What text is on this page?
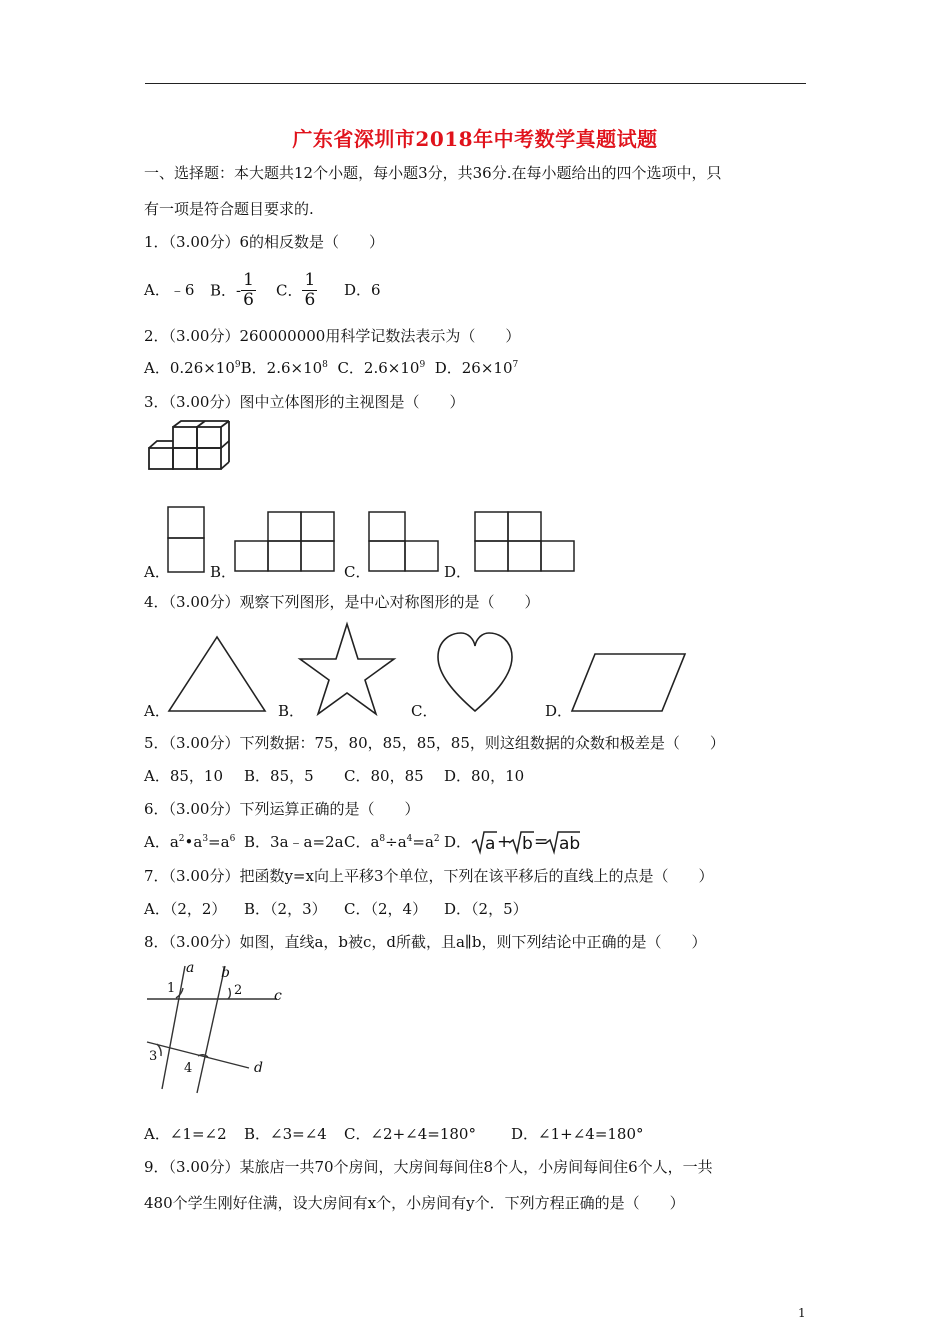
广东省深圳市2018年中考数学真题试题
一、选择题：本大题共12个小题，每小题3分，共36分.在每小题给出的四个选项中，只
有一项是符合题目要求的.
1．（3.00分）6的相反数是（　　）
A．﹣6 B．- $\frac{1}{6}$ C． $\frac{1}{6}$ D．6
2．（3.00分）260000000用科学记数法表示为（　　）
A．$0.26\times 10^9B$．$2.6\times 10^8$ C．$2.6\times 10^9$ D．$26\times 10^7$
3．（3.00分）图中立体图形的主视图是（　　）
A．	B．	C．	D．
4．（3.00分）观察下列图形，是中心对称图形的是（　　）
A．	B．	C．	D．
5．（3.00分）下列数据：75，80，85，85，85，则这组数据的众数和极差是（　　）
A．85，10 B．85，5 C．80，85 D．80，10
6．（3.00分）下列运算正确的是（　　）
A．$a^2•a^3=a^6$ B．3a﹣a=2a C．$a^8\div a^4=a^2$ D． a + b = ab
7．（3.00分）把函数y=x向上平移3个单位，下列在该平移后的直线上的点是（　　）
A．（2，2） B．（2，3） C．（2，4） D．（2，5）
8．（3.00分）如图，直线a，b被c，d所截，且a∥b，则下列结论中正确的是（　　）
a b
c
d
1	2
3
4
A．∠1=∠2 B．∠3=∠4 C．∠2+∠4=180° D．∠1+∠4=180°
9．（3.00分）某旅店一共70个房间，大房间每间住8个人，小房间每间住6个人，一共
480个学生刚好住满，设大房间有x个，小房间有y个．下列方程正确的是（　　）
1
